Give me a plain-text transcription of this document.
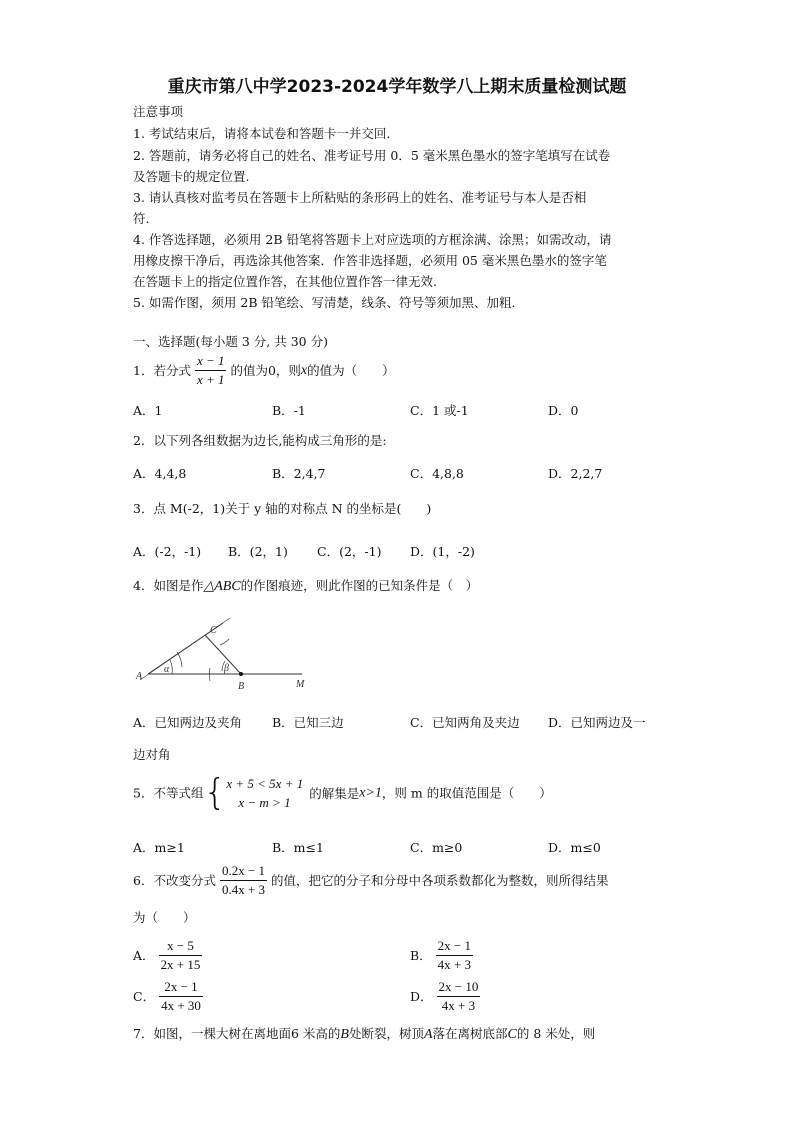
重庆市第八中学2023-2024学年数学八上期末质量检测试题
注意事项
1. 考试结束后，请将本试卷和答题卡一并交回.
2. 答题前，请务必将自己的姓名、准考证号用 0．5 毫米黑色墨水的签字笔填写在试卷
及答题卡的规定位置.
3. 请认真核对监考员在答题卡上所粘贴的条形码上的姓名、准考证号与本人是否相
符.
4. 作答选择题，必须用 2B 铅笔将答题卡上对应选项的方框涂满、涂黑；如需改动，请
用橡皮擦干净后，再选涂其他答案．作答非选择题，必须用 05 毫米黑色墨水的签字笔
在答题卡上的指定位置作答，在其他位置作答一律无效.
5. 如需作图，须用 2B 铅笔绘、写清楚，线条、符号等须加黑、加粗.
一、选择题(每小题 3 分, 共 30 分)
1．若分式 $\frac{x - 1}{x + 1}$ 的值为0，则x的值为（　　）
A．1	B．-1	C．1 或-1	D．0
2．以下列各组数据为边长,能构成三角形的是:
A．4,4,8	B．2,4,7	C．4,8,8	D．2,2,7
3．点 M(-2，1)关于 y 轴的对称点 N 的坐标是(　　)
A．(-2，-1) B．(2，1) C．(2，-1) D．(1，-2)
4．如图是作△ABC的作图痕迹，则此作图的已知条件是（　）
A
B
C
M
α	β
A．已知两边及夹角 B．已知三边	C．已知两角及夹边 D．已知两边及一
边对角
5．不等式组{ x + 5 < 5x + 1
x − m > 1
的解集是x>1，则 m 的取值范围是（　　）
A．m≥1	B．m≤1	C．m≥0	D．m≤0
6．不改变分式 $\frac{0.2x - 1}{0.4x + 3}$ 的值，把它的分子和分母中各项系数都化为整数，则所得结果
为（　　）
A． $\frac{x - 5}{2x + 15}$	B． $\frac{2x - 1}{4x + 3}$
C． $\frac{2x - 1}{4x + 30}$	D． $\frac{2x - 10}{4x + 3}$
7．如图，一棵大树在离地面6 米高的B处断裂，树顶A落在离树底部C的 8 米处，则
